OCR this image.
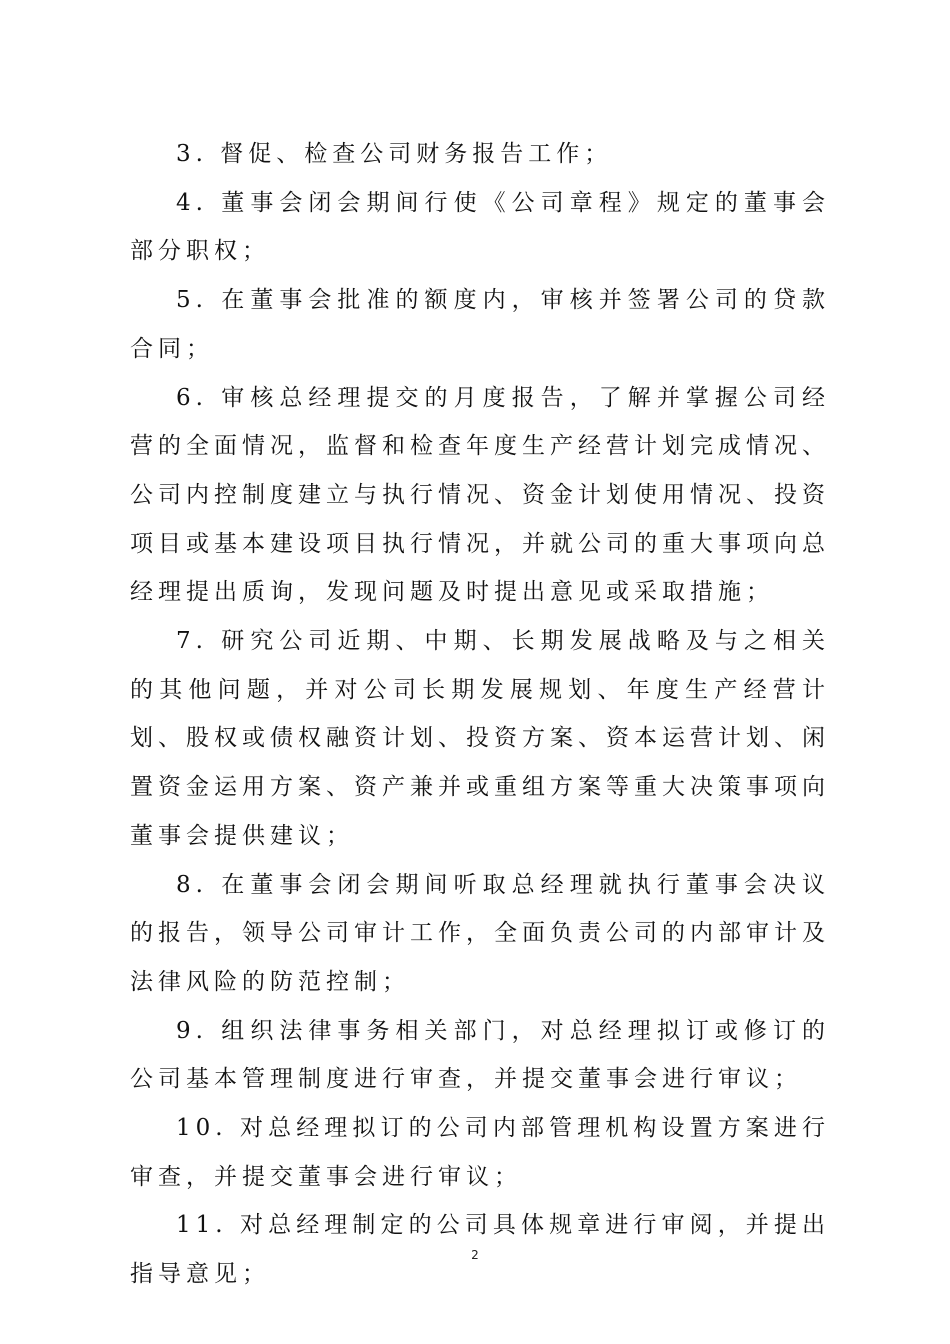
3. 督促、检查公司财务报告工作；

4. 董事会闭会期间行使《公司章程》规定的董事会部分职权；

5. 在董事会批准的额度内，审核并签署公司的贷款合同；

6. 审核总经理提交的月度报告，了解并掌握公司经营的全面情况，监督和检查年度生产经营计划完成情况、公司内控制度建立与执行情况、资金计划使用情况、投资项目或基本建设项目执行情况，并就公司的重大事项向总经理提出质询，发现问题及时提出意见或采取措施；

7. 研究公司近期、中期、长期发展战略及与之相关的其他问题，并对公司长期发展规划、年度生产经营计划、股权或债权融资计划、投资方案、资本运营计划、闲置资金运用方案、资产兼并或重组方案等重大决策事项向董事会提供建议；

8. 在董事会闭会期间听取总经理就执行董事会决议的报告，领导公司审计工作，全面负责公司的内部审计及法律风险的防范控制；

9. 组织法律事务相关部门，对总经理拟订或修订的公司基本管理制度进行审查，并提交董事会进行审议；

10. 对总经理拟订的公司内部管理机构设置方案进行审查，并提交董事会进行审议；

11. 对总经理制定的公司具体规章进行审阅，并提出指导意见；

2
